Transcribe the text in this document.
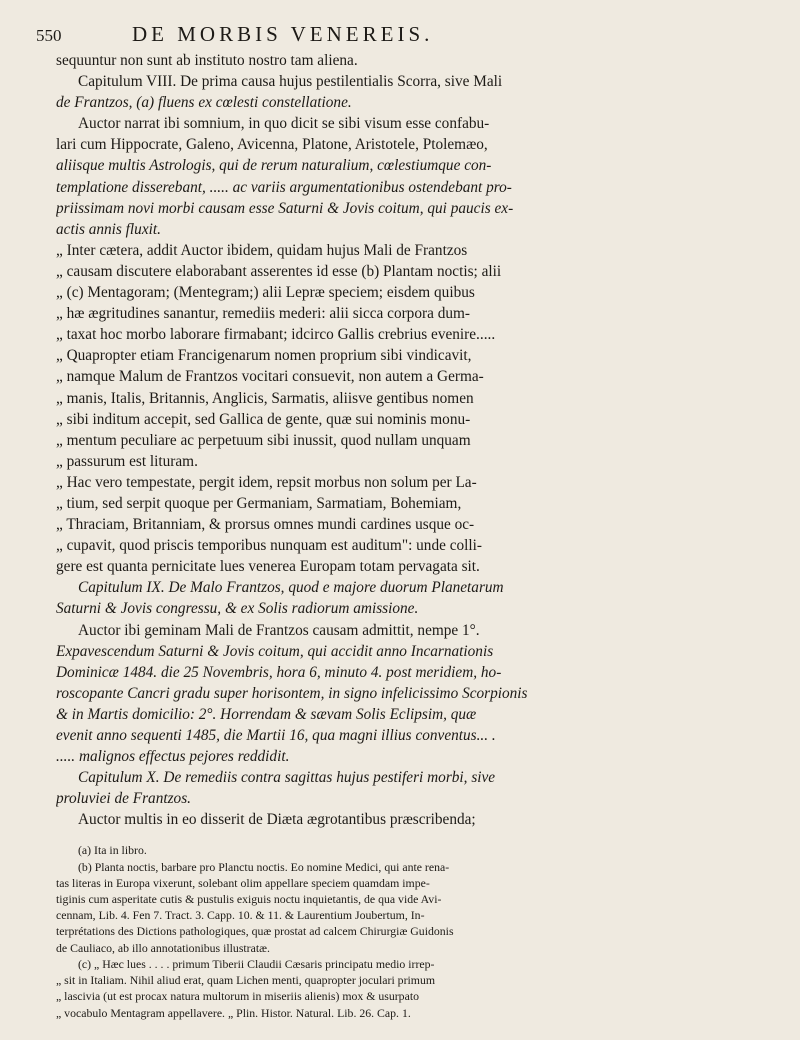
550	DE MORBIS VENEREIS.
sequuntur non sunt ab instituto nostro tam aliena.
Capitulum VIII. De prima causa hujus pestilentialis Scorra, sive Mali
de Frantzos, (a) fluens ex cœlesti constellatione.
Auctor narrat ibi somnium, in quo dicit se sibi visum esse confabu-
lari cum Hippocrate, Galeno, Avicenna, Platone, Aristotele, Ptolemæo,
aliisque multis Astrologis, qui de rerum naturalium, cœlestiumque con-
templatione disserebant, ..... ac variis argumentationibus ostendebant pro-
priissimam novi morbi causam esse Saturni & Jovis coitum, qui paucis ex-
actis annis fluxit.
„ Inter cætera, addit Auctor ibidem, quidam hujus Mali de Frantzos
„ causam discutere elaborabant asserentes id esse (b) Plantam noctis; alii
„ (c) Mentagoram; (Mentegram;) alii Lepræ speciem; eisdem quibus
„ hæ ægritudines sanantur, remediis mederi: alii sicca corpora dum-
„ taxat hoc morbo laborare firmabant; idcirco Gallis crebrius evenire.....
„ Quapropter etiam Francigenarum nomen proprium sibi vindicavit,
„ namque Malum de Frantzos vocitari consuevit, non autem a Germa-
„ manis, Italis, Britannis, Anglicis, Sarmatis, aliisve gentibus nomen
„ sibi inditum accepit, sed Gallica de gente, quæ sui nominis monu-
„ mentum peculiare ac perpetuum sibi inussit, quod nullam unquam
„ passurum est lituram.
„ Hac vero tempestate, pergit idem, repsit morbus non solum per La-
„ tium, sed serpit quoque per Germaniam, Sarmatiam, Bohemiam,
„ Thraciam, Britanniam, & prorsus omnes mundi cardines usque oc-
„ cupavit, quod priscis temporibus nunquam est auditum": unde colli-
gere est quanta pernicitate lues venerea Europam totam pervagata sit.
Capitulum IX. De Malo Frantzos, quod e majore duorum Planetarum
Saturni & Jovis congressu, & ex Solis radiorum amissione.
Auctor ibi geminam Mali de Frantzos causam admittit, nempe 1°.
Expavescendum Saturni & Jovis coitum, qui accidit anno Incarnationis
Dominicæ 1484. die 25 Novembris, hora 6, minuto 4. post meridiem, ho-
roscopante Cancri gradu super horisontem, in signo infelicissimo Scorpionis
& in Martis domicilio: 2°. Horrendam & sævam Solis Eclipsim, quæ
evenit anno sequenti 1485, die Martii 16, qua magni illius conventus... .
..... malignos effectus pejores reddidit.
Capitulum X. De remediis contra sagittas hujus pestiferi morbi, sive
proluviei de Frantzos.
Auctor multis in eo disserit de Diæta ægrotantibus præscribenda;
(a) Ita in libro.
(b) Planta noctis, barbare pro Planctu noctis. Eo nomine Medici, qui ante rena-
tas literas in Europa vixerunt, solebant olim appellare speciem quamdam impe-
tiginis cum asperitate cutis & pustulis exiguis noctu inquietantis, de qua vide Avi-
cennam, Lib. 4. Fen 7. Tract. 3. Capp. 10. & 11. & Laurentium Joubertum, In-
terprétations des Dictions pathologiques, quæ prostat ad calcem Chirurgiæ Guidonis
de Cauliaco, ab illo annotationibus illustratæ.
(c) „ Hæc lues . . . . primum Tiberii Claudii Cæsaris principatu medio irrep-
„ sit in Italiam. Nihil aliud erat, quam Lichen menti, quapropter joculari primum
„ lascivia (ut est procax natura multorum in miseriis alienis) mox & usurpato
„ vocabulo Mentagram appellavere. „ Plin. Histor. Natural. Lib. 26. Cap. 1.
